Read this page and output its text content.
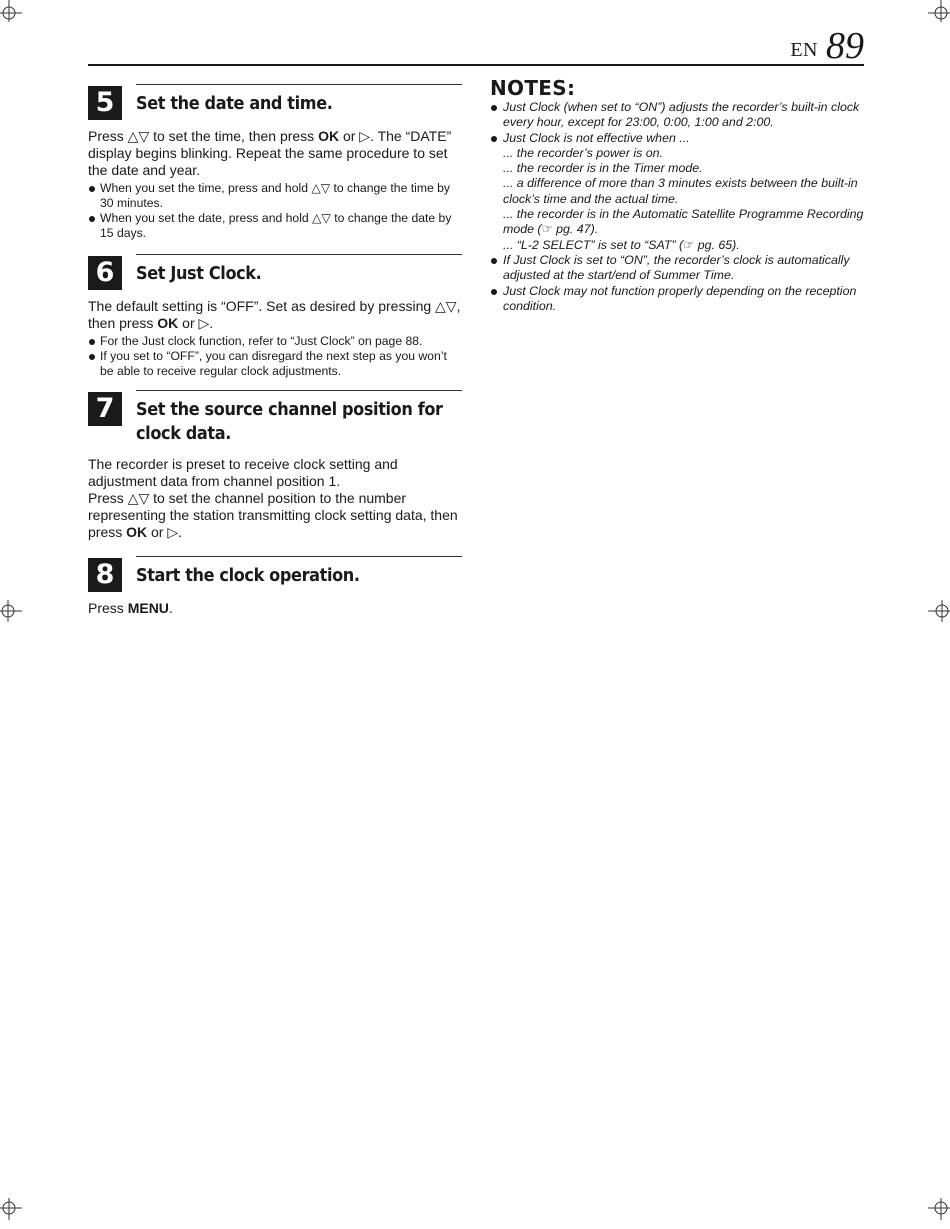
EN 89
5	Set the date and time.

Press △▽ to set the time, then press OK or ▷. The “DATE” display begins blinking. Repeat the same procedure to set the date and year.

When you set the time, press and hold △▽ to change the time by 30 minutes.
When you set the date, press and hold △▽ to change the date by 15 days.
6	Set Just Clock.

The default setting is “OFF”. Set as desired by pressing △▽, then press OK or ▷.

For the Just clock function, refer to “Just Clock” on page 88.
If you set to “OFF”, you can disregard the next step as you won’t be able to receive regular clock adjustments.
7	Set the source channel position for clock data.

The recorder is preset to receive clock setting and adjustment data from channel position 1.

Press △▽ to set the channel position to the number representing the station transmitting clock setting data, then press OK or ▷.

8	Start the clock operation.

Press MENU.

NOTES:
Just Clock (when set to “ON”) adjusts the recorder’s built-in clock every hour, except for 23:00, 0:00, 1:00 and 2:00.
Just Clock is not effective when ...
... the recorder’s power is on.
... the recorder is in the Timer mode.
... a difference of more than 3 minutes exists between the built-in clock’s time and the actual time.
... the recorder is in the Automatic Satellite Programme Recording mode (☞ pg. 47).
... “L-2 SELECT” is set to “SAT” (☞ pg. 65).
If Just Clock is set to “ON”, the recorder’s clock is automatically adjusted at the start/end of Summer Time.
Just Clock may not function properly depending on the reception condition.
